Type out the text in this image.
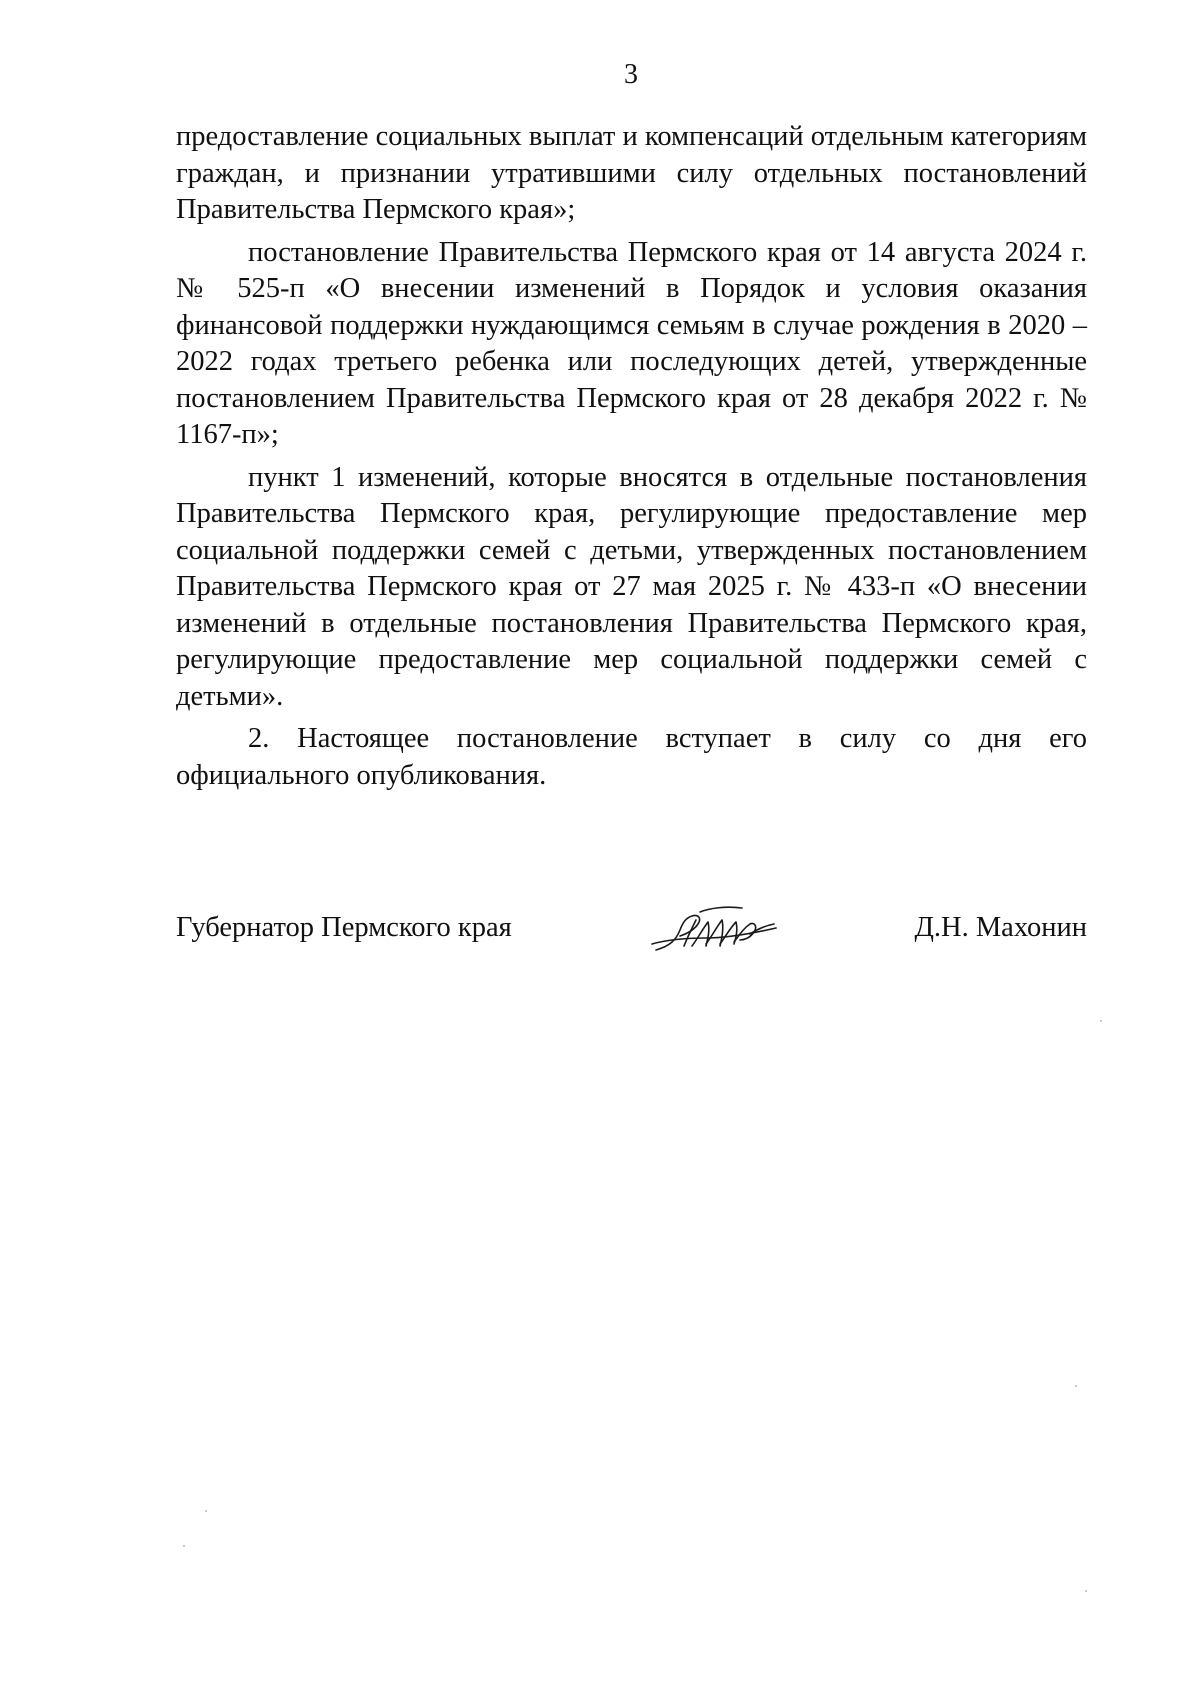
3

предоставление социальных выплат и компенсаций отдельным категориям граждан, и признании утратившими силу отдельных постановлений Правительства Пермского края»;

постановление Правительства Пермского края от 14 августа 2024 г. № 525-п «О внесении изменений в Порядок и условия оказания финансовой поддержки нуждающимся семьям в случае рождения в 2020 – 2022 годах третьего ребенка или последующих детей, утвержденные постановлением Правительства Пермского края от 28 декабря 2022 г. № 1167-п»;

пункт 1 изменений, которые вносятся в отдельные постановления Правительства Пермского края, регулирующие предоставление мер социальной поддержки семей с детьми, утвержденных постановлением Правительства Пермского края от 27 мая 2025 г. № 433-п «О внесении изменений в отдельные постановления Правительства Пермского края, регулирующие предоставление мер социальной поддержки семей с детьми».

2. Настоящее постановление вступает в силу со дня его официального опубликования.

Губернатор Пермского края	Д.Н. Махонин
